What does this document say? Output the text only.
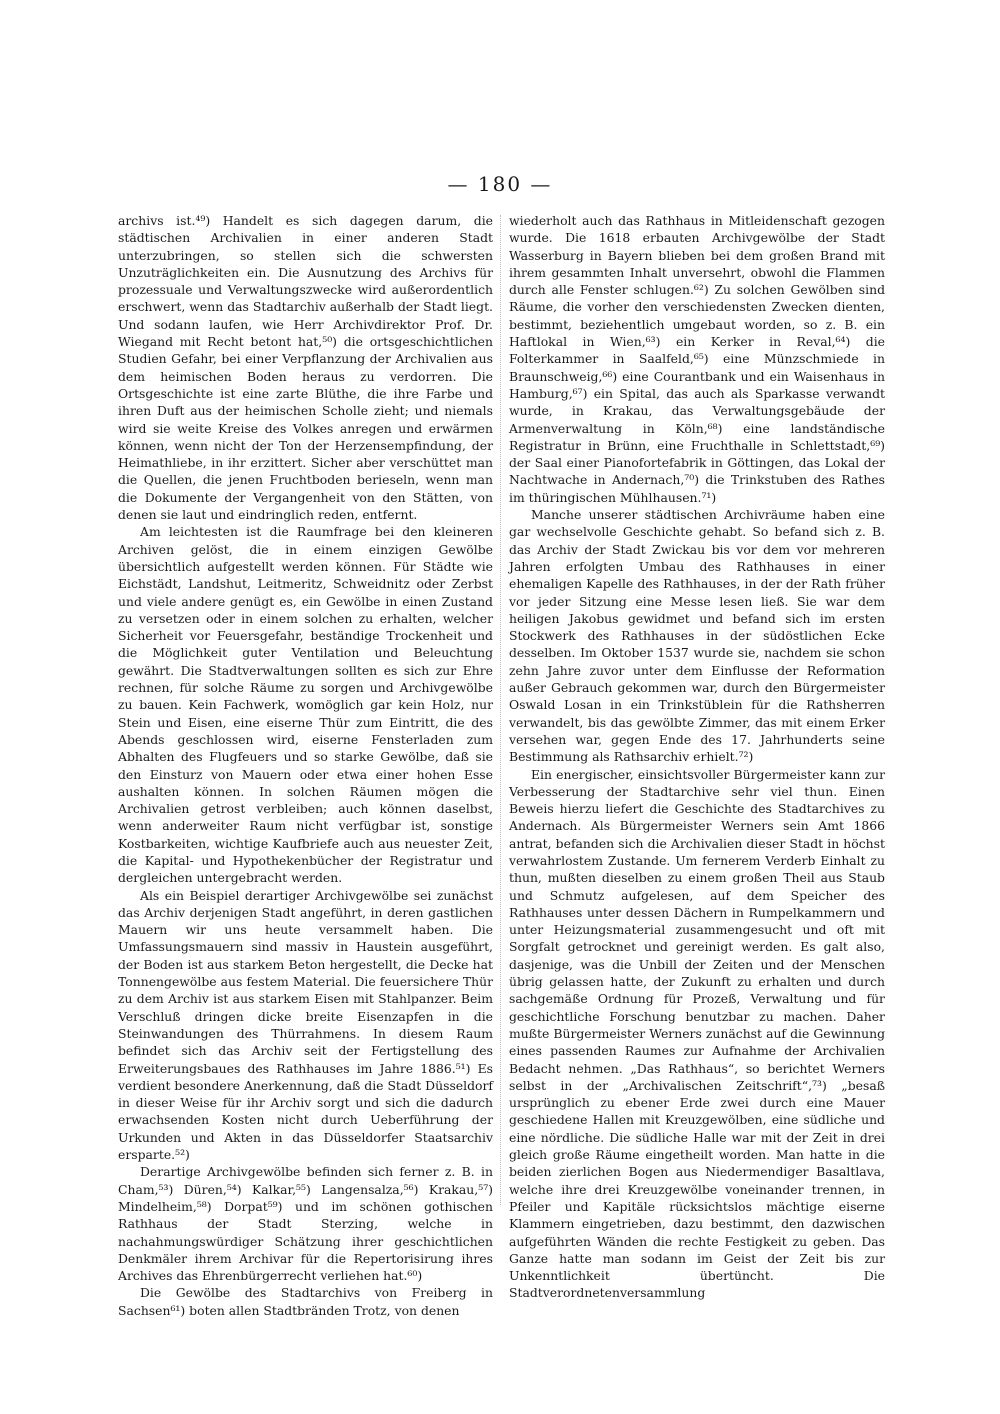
— 180 —

archivs ist.⁴⁹) Handelt es sich dagegen darum, die städtischen Archivalien in einer anderen Stadt unterzubringen, so stellen sich die schwersten Unzuträglichkeiten ein. Die Ausnutzung des Archivs für prozessuale und Verwaltungszwecke wird außerordentlich erschwert, wenn das Stadtarchiv außerhalb der Stadt liegt. Und sodann laufen, wie Herr Archivdirektor Prof. Dr. Wiegand mit Recht betont hat,⁵⁰) die ortsgeschichtlichen Studien Gefahr, bei einer Verpflanzung der Archivalien aus dem heimischen Boden heraus zu verdorren. Die Ortsgeschichte ist eine zarte Blüthe, die ihre Farbe und ihren Duft aus der heimischen Scholle zieht; und niemals wird sie weite Kreise des Volkes anregen und erwärmen können, wenn nicht der Ton der Herzensempfindung, der Heimathliebe, in ihr erzittert. Sicher aber verschüttet man die Quellen, die jenen Fruchtboden berieseln, wenn man die Dokumente der Vergangenheit von den Stätten, von denen sie laut und eindringlich reden, entfernt.

Am leichtesten ist die Raumfrage bei den kleineren Archiven gelöst, die in einem einzigen Gewölbe übersichtlich aufgestellt werden können. Für Städte wie Eichstädt, Landshut, Leitmeritz, Schweidnitz oder Zerbst und viele andere genügt es, ein Gewölbe in einen Zustand zu versetzen oder in einem solchen zu erhalten, welcher Sicherheit vor Feuersgefahr, beständige Trockenheit und die Möglichkeit guter Ventilation und Beleuchtung gewährt. Die Stadtverwaltungen sollten es sich zur Ehre rechnen, für solche Räume zu sorgen und Archivgewölbe zu bauen. Kein Fachwerk, womöglich gar kein Holz, nur Stein und Eisen, eine eiserne Thür zum Eintritt, die des Abends geschlossen wird, eiserne Fensterladen zum Abhalten des Flugfeuers und so starke Gewölbe, daß sie den Einsturz von Mauern oder etwa einer hohen Esse aushalten können. In solchen Räumen mögen die Archivalien getrost verbleiben; auch können daselbst, wenn anderweiter Raum nicht verfügbar ist, sonstige Kostbarkeiten, wichtige Kaufbriefe auch aus neuester Zeit, die Kapital- und Hypothekenbücher der Registratur und dergleichen untergebracht werden.

Als ein Beispiel derartiger Archivgewölbe sei zunächst das Archiv derjenigen Stadt angeführt, in deren gastlichen Mauern wir uns heute versammelt haben. Die Umfassungsmauern sind massiv in Haustein ausgeführt, der Boden ist aus starkem Beton hergestellt, die Decke hat Tonnengewölbe aus festem Material. Die feuersichere Thür zu dem Archiv ist aus starkem Eisen mit Stahlpanzer. Beim Verschluß dringen dicke breite Eisenzapfen in die Steinwandungen des Thürrahmens. In diesem Raum befindet sich das Archiv seit der Fertigstellung des Erweiterungsbaues des Rathhauses im Jahre 1886.⁵¹) Es verdient besondere Anerkennung, daß die Stadt Düsseldorf in dieser Weise für ihr Archiv sorgt und sich die dadurch erwachsenden Kosten nicht durch Ueberführung der Urkunden und Akten in das Düsseldorfer Staatsarchiv ersparte.⁵²)

Derartige Archivgewölbe befinden sich ferner z. B. in Cham,⁵³) Düren,⁵⁴) Kalkar,⁵⁵) Langensalza,⁵⁶) Krakau,⁵⁷) Mindelheim,⁵⁸) Dorpat⁵⁹) und im schönen gothischen Rathhaus der Stadt Sterzing, welche in nachahmungswürdiger Schätzung ihrer geschichtlichen Denkmäler ihrem Archivar für die Repertorisirung ihres Archives das Ehrenbürgerrecht verliehen hat.⁶⁰)

Die Gewölbe des Stadtarchivs von Freiberg in Sachsen⁶¹) boten allen Stadtbränden Trotz, von denen

wiederholt auch das Rathhaus in Mitleidenschaft gezogen wurde. Die 1618 erbauten Archivgewölbe der Stadt Wasserburg in Bayern blieben bei dem großen Brand mit ihrem gesammten Inhalt unversehrt, obwohl die Flammen durch alle Fenster schlugen.⁶²) Zu solchen Gewölben sind Räume, die vorher den verschiedensten Zwecken dienten, bestimmt, beziehentlich umgebaut worden, so z. B. ein Haftlokal in Wien,⁶³) ein Kerker in Reval,⁶⁴) die Folterkammer in Saalfeld,⁶⁵) eine Münzschmiede in Braunschweig,⁶⁶) eine Courantbank und ein Waisenhaus in Hamburg,⁶⁷) ein Spital, das auch als Sparkasse verwandt wurde, in Krakau, das Verwaltungsgebäude der Armenverwaltung in Köln,⁶⁸) eine landständische Registratur in Brünn, eine Fruchthalle in Schlettstadt,⁶⁹) der Saal einer Pianofortefabrik in Göttingen, das Lokal der Nachtwache in Andernach,⁷⁰) die Trinkstuben des Rathes im thüringischen Mühlhausen.⁷¹)

Manche unserer städtischen Archivräume haben eine gar wechselvolle Geschichte gehabt. So befand sich z. B. das Archiv der Stadt Zwickau bis vor dem vor mehreren Jahren erfolgten Umbau des Rathhauses in einer ehemaligen Kapelle des Rathhauses, in der der Rath früher vor jeder Sitzung eine Messe lesen ließ. Sie war dem heiligen Jakobus gewidmet und befand sich im ersten Stockwerk des Rathhauses in der südöstlichen Ecke desselben. Im Oktober 1537 wurde sie, nachdem sie schon zehn Jahre zuvor unter dem Einflusse der Reformation außer Gebrauch gekommen war, durch den Bürgermeister Oswald Losan in ein Trinkstüblein für die Rathsherren verwandelt, bis das gewölbte Zimmer, das mit einem Erker versehen war, gegen Ende des 17. Jahrhunderts seine Bestimmung als Rathsarchiv erhielt.⁷²)

Ein energischer, einsichtsvoller Bürgermeister kann zur Verbesserung der Stadtarchive sehr viel thun. Einen Beweis hierzu liefert die Geschichte des Stadtarchives zu Andernach. Als Bürgermeister Werners sein Amt 1866 antrat, befanden sich die Archivalien dieser Stadt in höchst verwahrlostem Zustande. Um fernerem Verderb Einhalt zu thun, mußten dieselben zu einem großen Theil aus Staub und Schmutz aufgelesen, auf dem Speicher des Rathhauses unter dessen Dächern in Rumpelkammern und unter Heizungsmaterial zusammengesucht und oft mit Sorgfalt getrocknet und gereinigt werden. Es galt also, dasjenige, was die Unbill der Zeiten und der Menschen übrig gelassen hatte, der Zukunft zu erhalten und durch sachgemäße Ordnung für Prozeß, Verwaltung und für geschichtliche Forschung benutzbar zu machen. Daher mußte Bürgermeister Werners zunächst auf die Gewinnung eines passenden Raumes zur Aufnahme der Archivalien Bedacht nehmen. „Das Rathhaus“, so berichtet Werners selbst in der „Archivalischen Zeitschrift“,⁷³) „besaß ursprünglich zu ebener Erde zwei durch eine Mauer geschiedene Hallen mit Kreuzgewölben, eine südliche und eine nördliche. Die südliche Halle war mit der Zeit in drei gleich große Räume eingetheilt worden. Man hatte in die beiden zierlichen Bogen aus Niedermendiger Basaltlava, welche ihre drei Kreuzgewölbe voneinander trennen, in Pfeiler und Kapitäle rücksichtslos mächtige eiserne Klammern eingetrieben, dazu bestimmt, den dazwischen aufgeführten Wänden die rechte Festigkeit zu geben. Das Ganze hatte man sodann im Geist der Zeit bis zur Unkenntlichkeit übertüncht. Die Stadtverordnetenversammlung
